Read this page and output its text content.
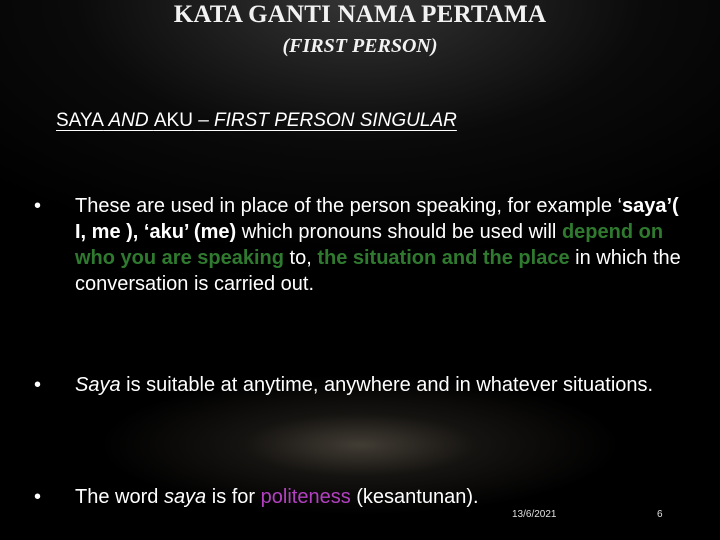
KATA GANTI NAMA PERTAMA
(FIRST PERSON)
SAYA AND AKU – FIRST PERSON SINGULAR
•	These are used in place of the person speaking, for example ‘saya’( I, me ), ‘aku’ (me) which pronouns should be used will depend on who you are speaking to, the situation and the place in which the conversation is carried out.
•	Saya is suitable at anytime, anywhere and in whatever situations.
•	The word saya is for politeness (kesantunan).
13/6/2021	6
